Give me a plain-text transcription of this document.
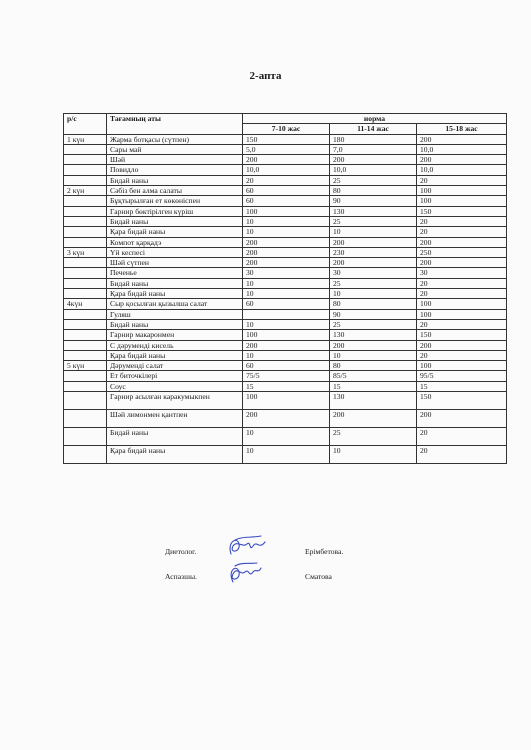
2-апта
р/с	Тағамның аты	норма		
		7-10 жас	11-14 жас	15-18 жас
1 күн	Жарма ботқасы (сүтпен)	150	180	200
	Сары май	5,0	7,0	10,0
	Шәй	200	200	200
	Повидло	10,0	10,0	10,0
	Бидай наны	20	25	20
2 күн	Сәбіз бен алма салаты	60	80	100
	Бұқтырылған ет көкөніспен	60	90	100
	Гарнир бөктірілген күріш	100	130	150
	Бидай наны	10	25	20
	Қара бидай наны	10	10	20
	Компот қарқадэ	200	200	200
3 күн	Үй кеспесі	200	230	250
	Шәй сүтпен	200	200	200
	Печенье	30	30	30
	Бидай наны	10	25	20
	Қара бидай наны	10	10	20
4күн	Сыр қосылған қызылша салат	60	80	100
	Гуляш		90	100
	Бидай наны	10	25	20
	Гарнир макаронмен	100	130	150
	С дәруменді кисель	200	200	200
	Қара бидай наны	10	10	20
5 күн	Дәруменді салат	60	80	100
	Ет биточкілері	75/5	85/5	95/5
	Соус	15	15	15
	Гарнир асылған каракумыкпен	100	130	150
	Шәй лимонмен қантпен	200	200	200
	Бидай наны	10	25	20
	Қара бидай наны	10	10	20
Диетолог.	Ерімбетова.
Аспазшы.	Сматова
